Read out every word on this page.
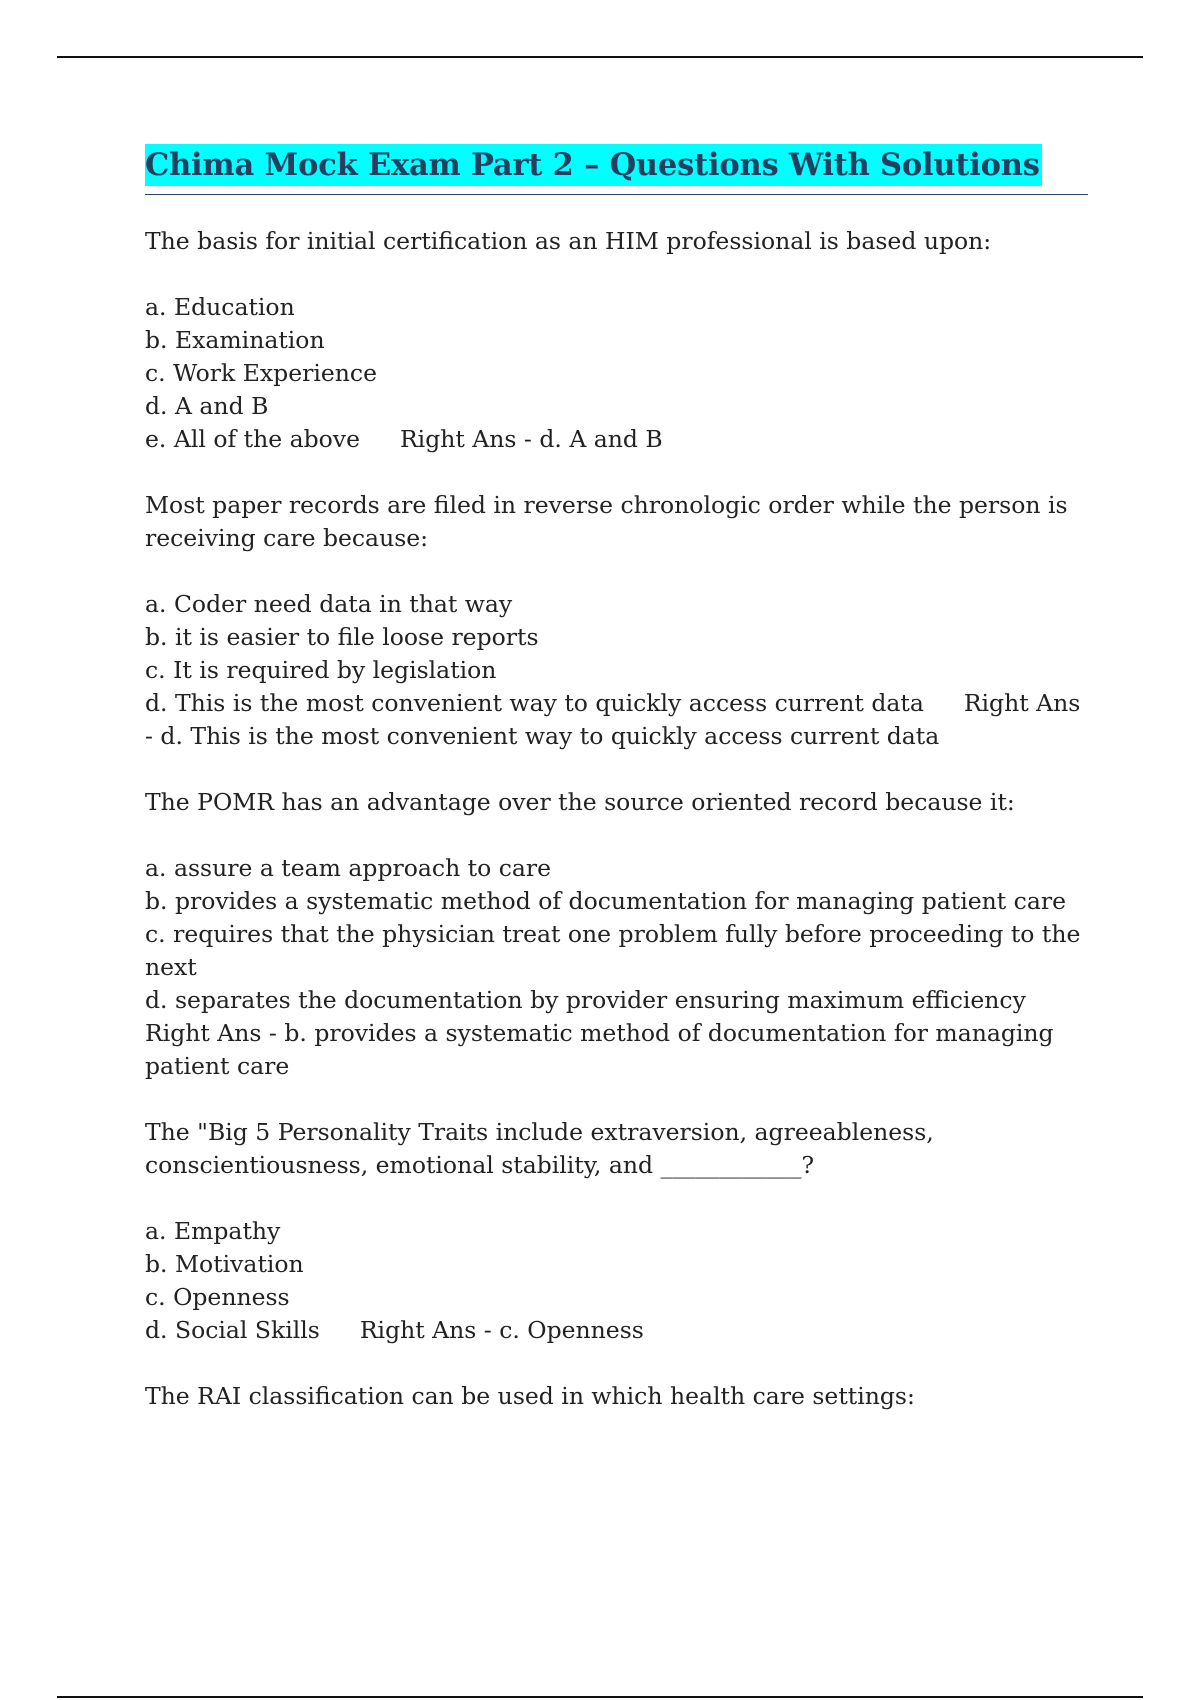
Chima Mock Exam Part 2 – Questions With Solutions
The basis for initial certification as an HIM professional is based upon:
a. Education
b. Examination
c. Work Experience
d. A and B
e. All of the above Right Ans - d. A and B
Most paper records are filed in reverse chronologic order while the person is
receiving care because:
a. Coder need data in that way
b. it is easier to file loose reports
c. It is required by legislation
d. This is the most convenient way to quickly access current data Right Ans
- d. This is the most convenient way to quickly access current data
The POMR has an advantage over the source oriented record because it:
a. assure a team approach to care
b. provides a systematic method of documentation for managing patient care
c. requires that the physician treat one problem fully before proceeding to the
next
d. separates the documentation by provider ensuring maximum efficiency
Right Ans - b. provides a systematic method of documentation for managing
patient care
The "Big 5 Personality Traits include extraversion, agreeableness,
conscientiousness, emotional stability, and ____________?
a. Empathy
b. Motivation
c. Openness
d. Social Skills Right Ans - c. Openness
The RAI classification can be used in which health care settings:
